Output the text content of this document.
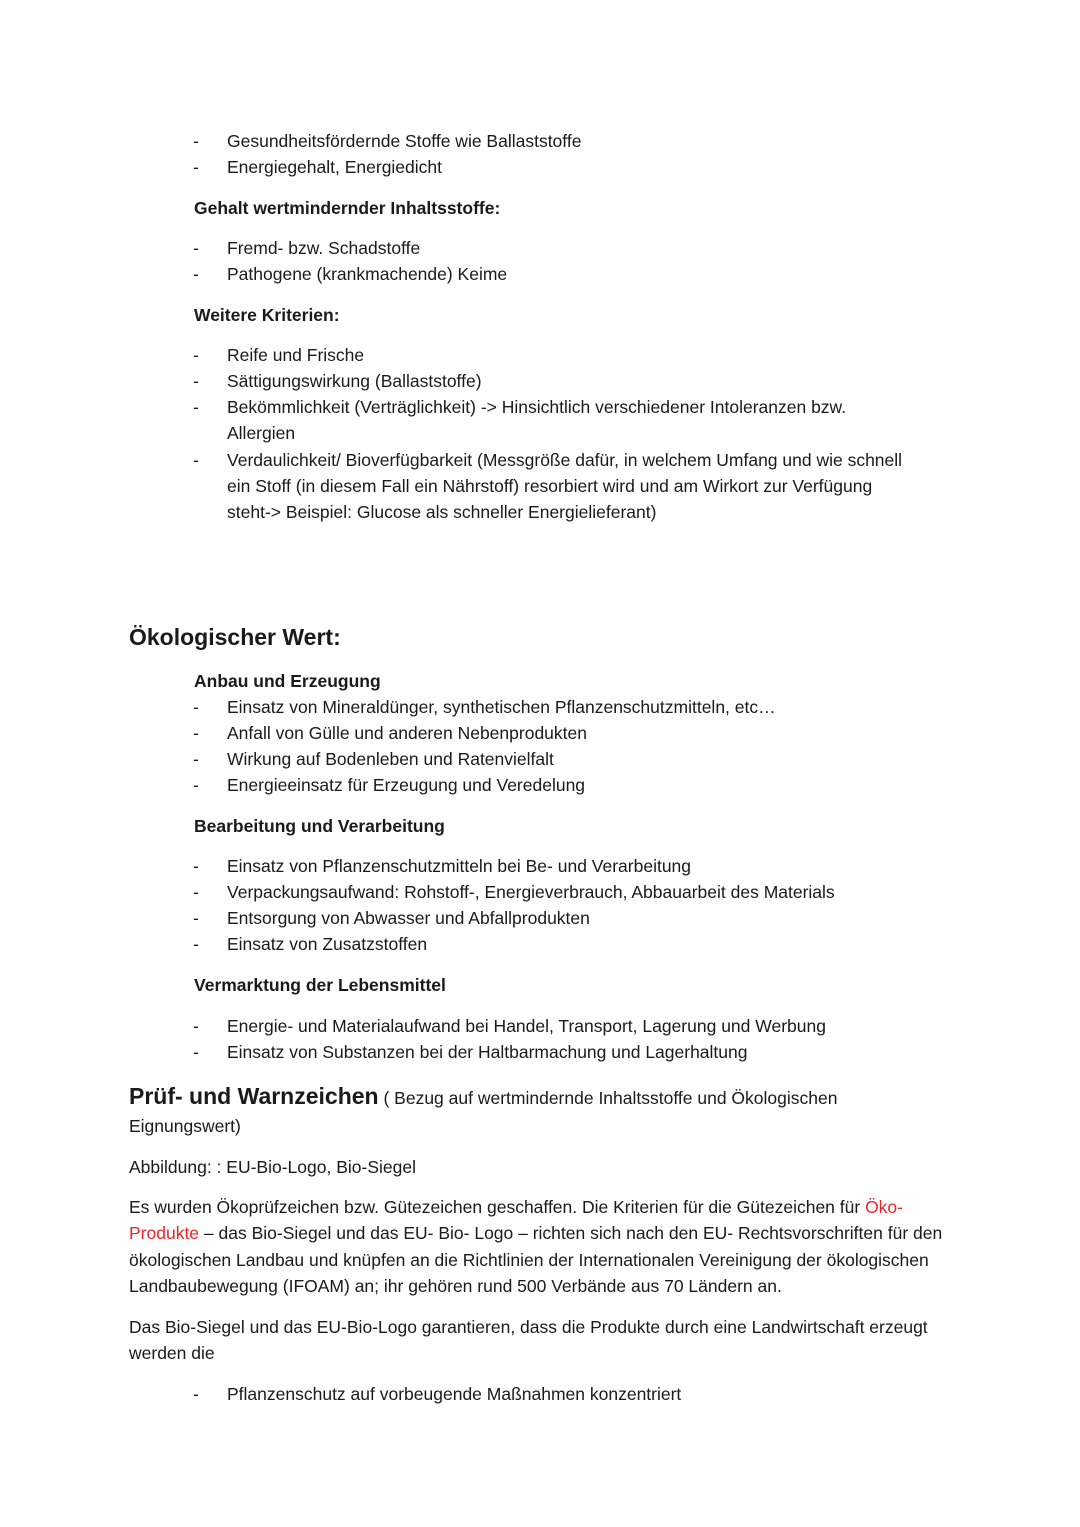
- Gesundheitsfördernde Stoffe wie Ballaststoffe
- Energiegehalt, Energiedicht
Gehalt wertmindernder Inhaltsstoffe:
- Fremd- bzw. Schadstoffe
- Pathogene (krankmachende) Keime
Weitere Kriterien:
- Reife und Frische
- Sättigungswirkung (Ballaststoffe)
- Bekömmlichkeit (Verträglichkeit) -> Hinsichtlich verschiedener Intoleranzen bzw.
Allergien
- Verdaulichkeit/ Bioverfügbarkeit (Messgröße dafür, in welchem Umfang und wie schnell
ein Stoff (in diesem Fall ein Nährstoff) resorbiert wird und am Wirkort zur Verfügung
steht-> Beispiel: Glucose als schneller Energielieferant)
Ökologischer Wert:
Anbau und Erzeugung
- Einsatz von Mineraldünger, synthetischen Pflanzenschutzmitteln, etc…
- Anfall von Gülle und anderen Nebenprodukten
- Wirkung auf Bodenleben und Ratenvielfalt
- Energieeinsatz für Erzeugung und Veredelung
Bearbeitung und Verarbeitung
- Einsatz von Pflanzenschutzmitteln bei Be- und Verarbeitung
- Verpackungsaufwand: Rohstoff-, Energieverbrauch, Abbauarbeit des Materials
- Entsorgung von Abwasser und Abfallprodukten
- Einsatz von Zusatzstoffen
Vermarktung der Lebensmittel
- Energie- und Materialaufwand bei Handel, Transport, Lagerung und Werbung
- Einsatz von Substanzen bei der Haltbarmachung und Lagerhaltung
Prüf- und Warnzeichen ( Bezug auf wertmindernde Inhaltsstoffe und Ökologischen
Eignungswert)
Abbildung: : EU-Bio-Logo, Bio-Siegel
Es wurden Ökoprüfzeichen bzw. Gütezeichen geschaffen. Die Kriterien für die Gütezeichen für Öko-Produkte – das Bio-Siegel und das EU- Bio- Logo – richten sich nach den EU- Rechtsvorschriften für den ökologischen Landbau und knüpfen an die Richtlinien der Internationalen Vereinigung der ökologischen Landbaubewegung (IFOAM) an; ihr gehören rund 500 Verbände aus 70 Ländern an.
Das Bio-Siegel und das EU-Bio-Logo garantieren, dass die Produkte durch eine Landwirtschaft erzeugt werden die
- Pflanzenschutz auf vorbeugende Maßnahmen konzentriert
